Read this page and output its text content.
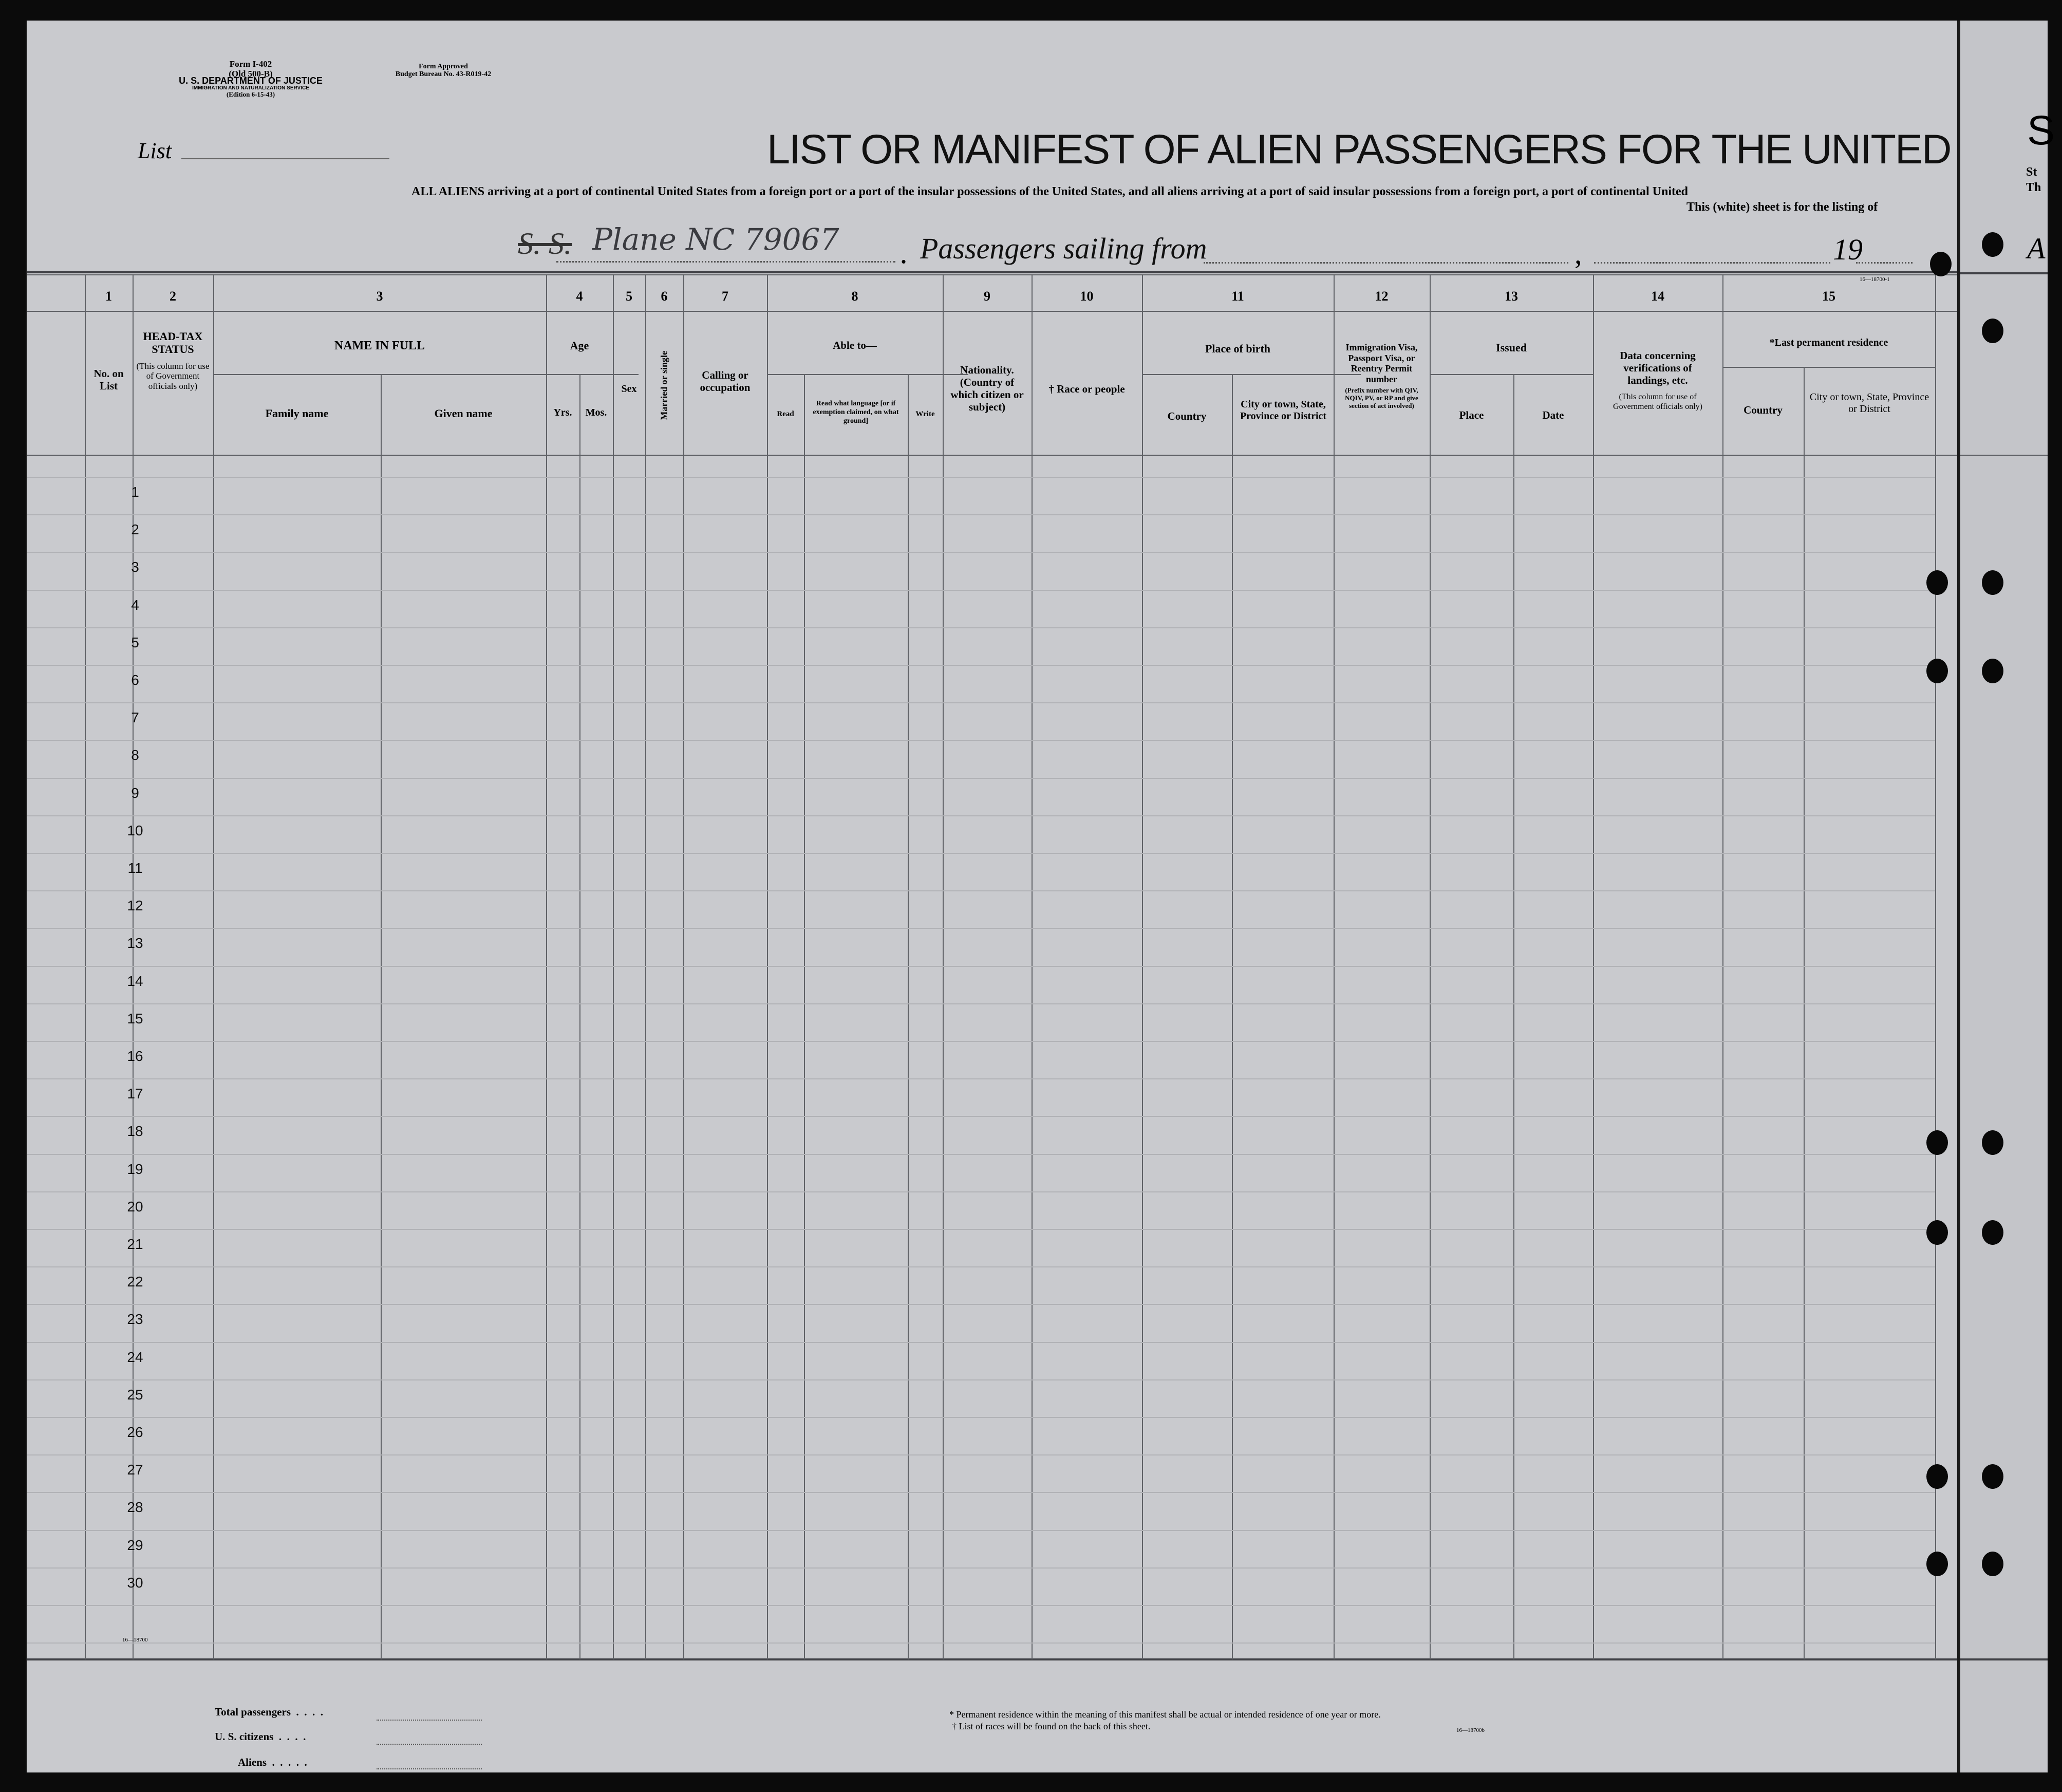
Form I-402
(Old 500-B)
U. S. DEPARTMENT OF JUSTICE
IMMIGRATION AND NATURALIZATION SERVICE
(Edition 6-15-43)
Form Approved
Budget Bureau No. 43-R019-42
List	LIST OR MANIFEST OF ALIEN PASSENGERS FOR THE UNITED
ALL ALIENS arriving at a port of continental United States from a foreign port or a port of the insular possessions of the United States, and all aliens arriving at a port of said insular possessions from a foreign port, a port of continental United
This (white) sheet is for the listing of
S. S. Plane NC 79067 . Passengers sailing from	,	19
16—18700-1
1	2	3	4	5	6	7	8	9	10	11	12	13	14	15
No. on List
HEAD-TAX STATUS
(This column for use of Government officials only)
NAME IN FULL
Family name	Given name
Age
Yrs.	Mos.
Sex	Married or single	Calling or occupation
Able to—
Read
Read what language [or if exemption claimed, on what ground]
Write
Nationality. (Country of which citizen or subject)
† Race or people
Place of birth
Country
City or town, State, Province or District
Immigration Visa, Passport Visa, or Reentry Permit number
(Prefix number with QIV, NQIV, PV, or RP and give section of act involved)
Issued
Place	Date
Data concerning verifications of landings, etc.
(This column for use of Government officials only)
*Last permanent residence
Country
City or town, State, Province or District
1
2
3
4
5
6
7
8
9
10
11
12
13
14
15
16
17
18
19
20
21
22
23
24
25
26
27
28
29
30
16—18700
Total passengers  .  .  .  .
U. S. citizens  .  .  .  .
Aliens  .  .  .  .  .
* Permanent residence within the meaning of this manifest shall be actual or intended residence of one year or more.
† List of races will be found on the back of this sheet.	16—18700b
S
St
Th
A
